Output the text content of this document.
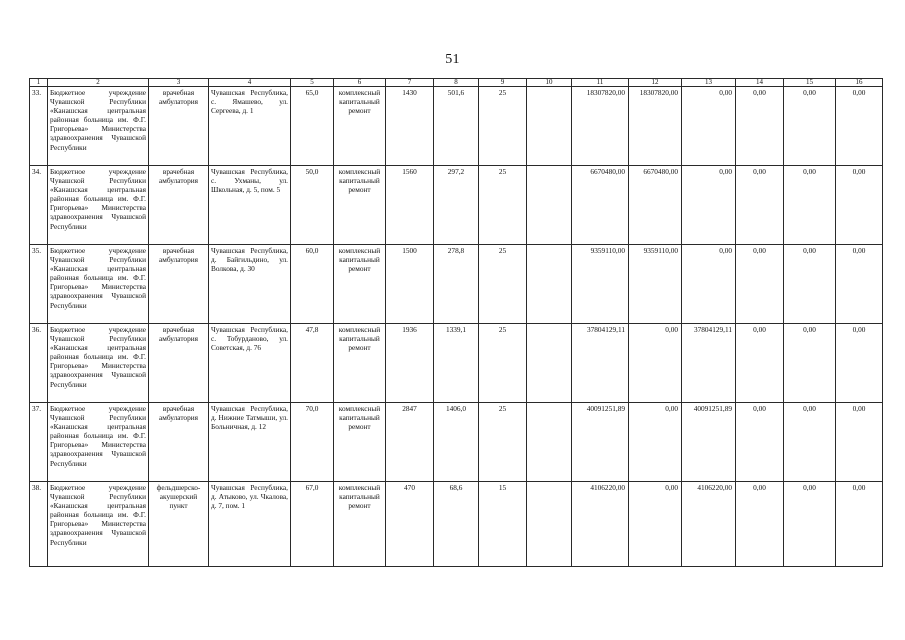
51
1	2	3	4	5	6	7	8	9	10	11	12	13	14	15	16
33.	Бюджетное учреждение Чувашской Республики «Канашская центральная районная больница им. Ф.Г. Григорьева» Министерства здравоохранения Чувашской Республики	врачебная амбулатория	Чувашская Республика, с. Ямашево, ул. Сергеева, д. 1	65,0	комплексный капитальный ремонт	1430	501,6	25		18307820,00	18307820,00	0,00	0,00	0,00	0,00
34.	Бюджетное учреждение Чувашской Республики «Канашская центральная районная больница им. Ф.Г. Григорьева» Министерства здравоохранения Чувашской Республики	врачебная амбулатория	Чувашская Республика, с. Ухманы, ул. Школьная, д. 5, пом. 5	50,0	комплексный капитальный ремонт	1560	297,2	25		6670480,00	6670480,00	0,00	0,00	0,00	0,00
35.	Бюджетное учреждение Чувашской Республики «Канашская центральная районная больница им. Ф.Г. Григорьева» Министерства здравоохранения Чувашской Республики	врачебная амбулатория	Чувашская Республика, д. Байгильдино, ул. Волкова, д. 30	60,0	комплексный капитальный ремонт	1500	278,8	25		9359110,00	9359110,00	0,00	0,00	0,00	0,00
36.	Бюджетное учреждение Чувашской Республики «Канашская центральная районная больница им. Ф.Г. Григорьева» Министерства здравоохранения Чувашской Республики	врачебная амбулатория	Чувашская Республика, с. Тобурданово, ул. Советская, д. 76	47,8	комплексный капитальный ремонт	1936	1339,1	25		37804129,11	0,00	37804129,11	0,00	0,00	0,00
37.	Бюджетное учреждение Чувашской Республики «Канашская центральная районная больница им. Ф.Г. Григорьева» Министерства здравоохранения Чувашской Республики	врачебная амбулатория	Чувашская Республика, д. Нижние Татмыши, ул. Больничная, д. 12	70,0	комплексный капитальный ремонт	2847	1406,0	25		40091251,89	0,00	40091251,89	0,00	0,00	0,00
38.	Бюджетное учреждение Чувашской Республики «Канашская центральная районная больница им. Ф.Г. Григорьева» Министерства здравоохранения Чувашской Республики	фельдшерско-акушерский пункт	Чувашская Республика, д. Атыково, ул. Чкалова, д. 7, пом. 1	67,0	комплексный капитальный ремонт	470	68,6	15		4106220,00	0,00	4106220,00	0,00	0,00	0,00
